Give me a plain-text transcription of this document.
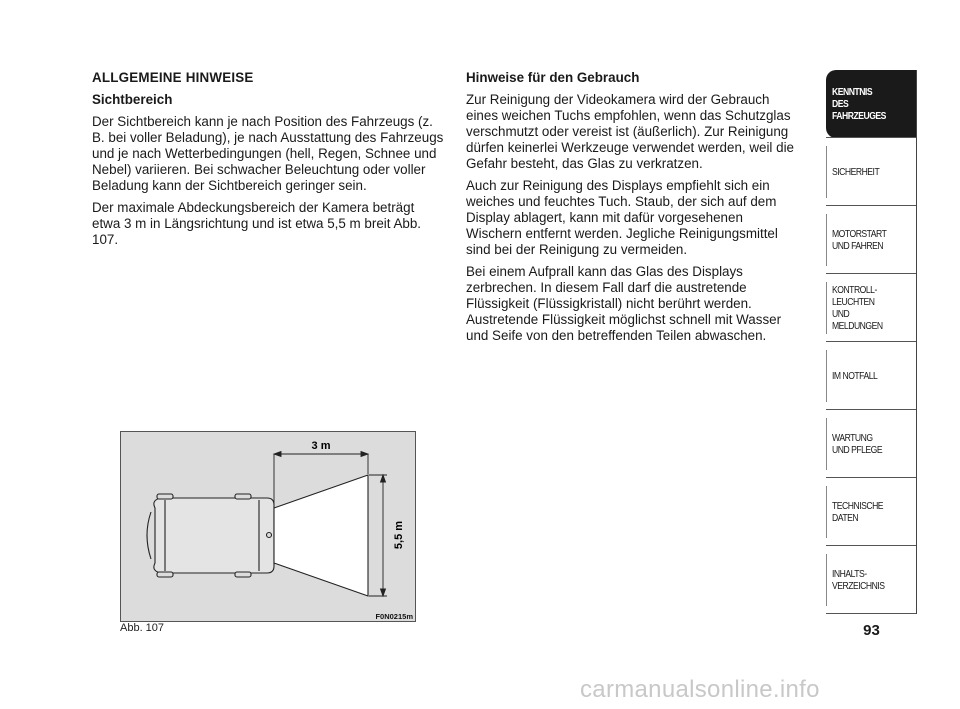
ALLGEMEINE HINWEISE
Sichtbereich

Der Sichtbereich kann je nach Position des Fahrzeugs (z. B. bei voller Beladung), je nach Ausstattung des Fahrzeugs und je nach Wetterbedingungen (hell, Regen, Schnee und Nebel) variieren. Bei schwacher Beleuchtung oder voller Beladung kann der Sichtbereich geringer sein.

Der maximale Abdeckungsbereich der Kamera beträgt etwa 3 m in Längsrichtung und ist etwa 5,5 m breit Abb. 107.

Hinweise für den Gebrauch

Zur Reinigung der Videokamera wird der Gebrauch eines weichen Tuchs empfohlen, wenn das Schutzglas verschmutzt oder vereist ist (äußerlich). Zur Reinigung dürfen keinerlei Werkzeuge verwendet werden, weil die Gefahr besteht, das Glas zu verkratzen.

Auch zur Reinigung des Displays empfiehlt sich ein weiches und feuchtes Tuch. Staub, der sich auf dem Display ablagert, kann mit dafür vorgesehenen Wischern entfernt werden. Jegliche Reinigungsmittel sind bei der Reinigung zu vermeiden.

Bei einem Aufprall kann das Glas des Displays zerbrechen. In diesem Fall darf die austretende Flüssigkeit (Flüssigkristall) nicht berührt werden. Austretende Flüssigkeit möglichst schnell mit Wasser und Seife von den betreffenden Teilen abwaschen.

3 m
5,5 m
F0N0215m
Abb. 107
KENNTNIS
DES FAHRZEUGES
SICHERHEIT
MOTORSTART
UND FAHREN
KONTROLL-
LEUCHTEN
UND MELDUNGEN
IM NOTFALL
WARTUNG
UND PFLEGE
TECHNISCHE
DATEN
INHALTS-
VERZEICHNIS
93
carmanualsonline.info
